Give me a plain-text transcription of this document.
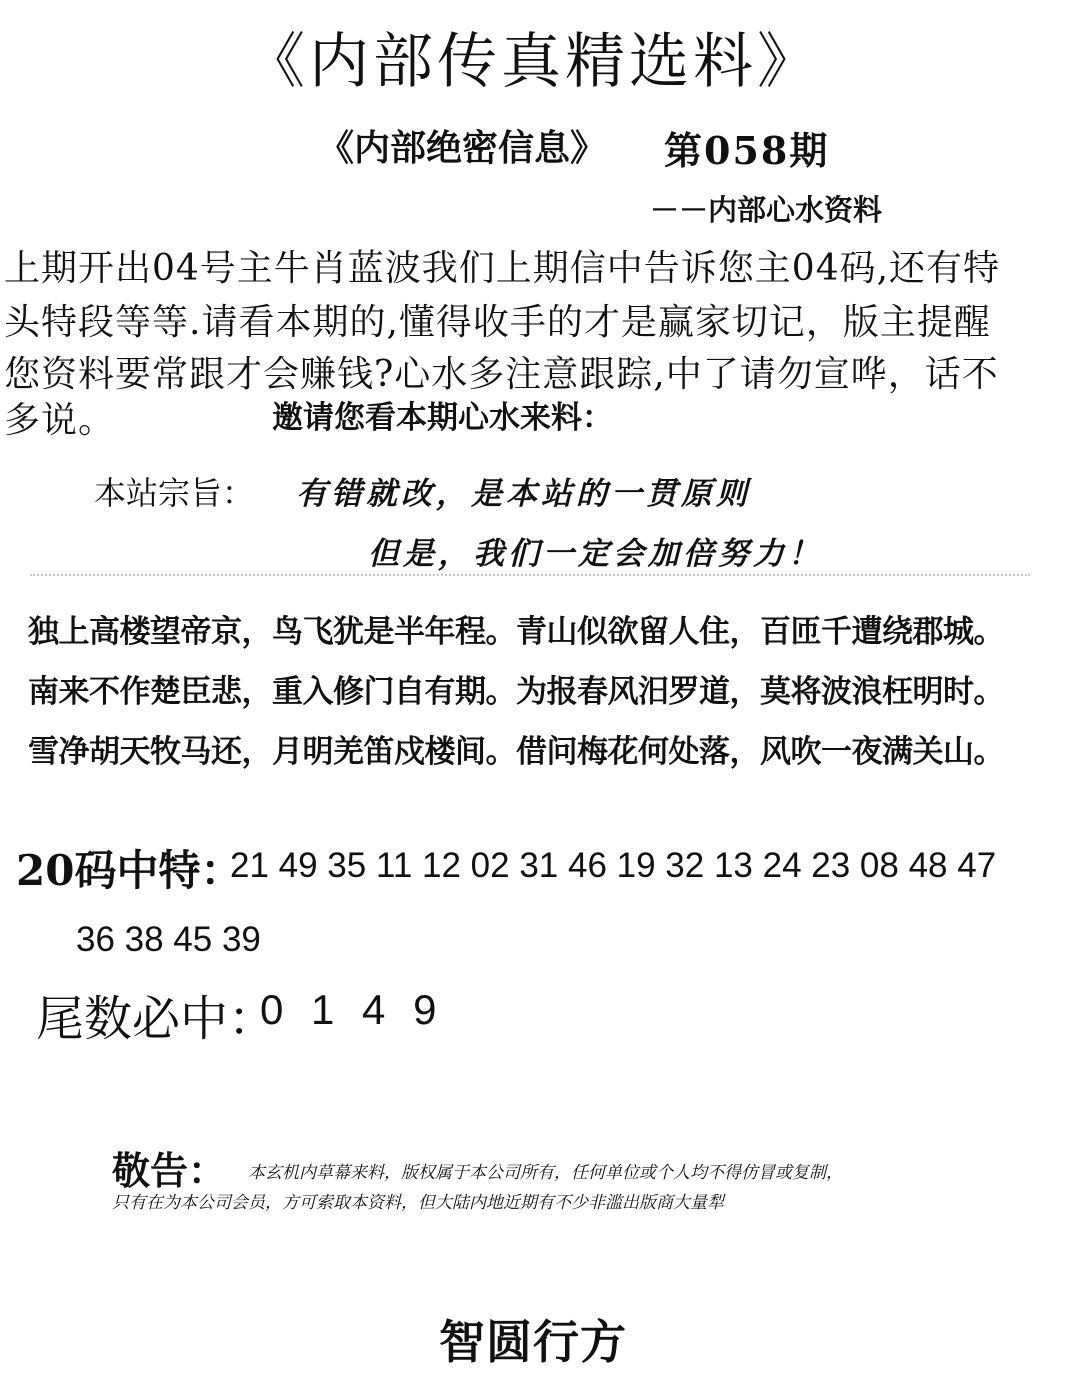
《内部传真精选料》
《内部绝密信息》 第058期
－－内部心水资料
上期开出04号主牛肖蓝波我们上期信中告诉您主04码,还有特
头特段等等.请看本期的,懂得收手的才是赢家切记，版主提醒
您资料要常跟才会赚钱?心水多注意跟踪,中了请勿宣哗，话不
多说。	邀请您看本期心水来料：
本站宗旨： 有错就改，是本站的一贯原则
但是，我们一定会加倍努力！
独上高楼望帝京，鸟飞犹是半年程。青山似欲留人住，百匝千遭绕郡城。
南来不作楚臣悲，重入修门自有期。为报春风汨罗道，莫将波浪枉明时。
雪净胡天牧马还，月明羌笛戍楼间。借问梅花何处落，风吹一夜满关山。
20码中特：
21 49 35 11 12 02 31 46 19 32 13 24 23 08 48 47
36 38 45 39
尾数必中：
0 1 4 9
敬告： 本玄机内草幕来料，版权属于本公司所有，任何单位或个人均不得仿冒或复制，
只有在为本公司会员，方可索取本资料，但大陆内地近期有不少非滥出版商大量犁
智圆行方
